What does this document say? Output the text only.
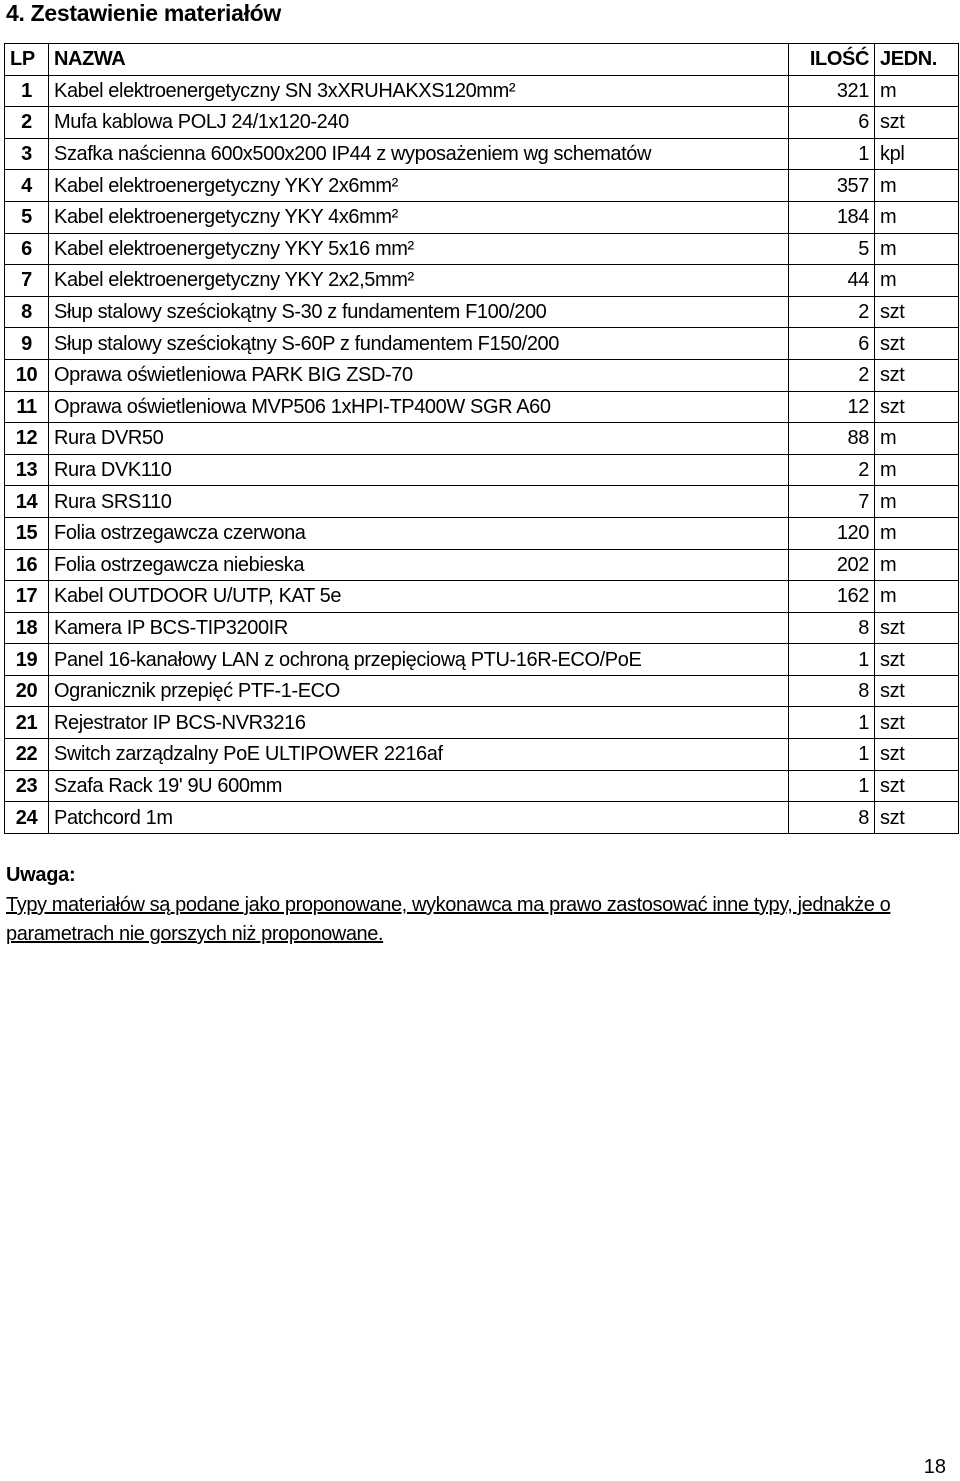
4. Zestawienie materiałów
LP	NAZWA	ILOŚĆ	JEDN.
1	Kabel elektroenergetyczny SN 3xXRUHAKXS120mm²	321	m
2	Mufa kablowa POLJ 24/1x120-240	6	szt
3	Szafka naścienna 600x500x200 IP44 z wyposażeniem wg schematów	1	kpl
4	Kabel elektroenergetyczny YKY 2x6mm²	357	m
5	Kabel elektroenergetyczny YKY 4x6mm²	184	m
6	Kabel elektroenergetyczny YKY 5x16 mm²	5	m
7	Kabel elektroenergetyczny YKY 2x2,5mm²	44	m
8	Słup stalowy sześciokątny S-30 z fundamentem F100/200	2	szt
9	Słup stalowy sześciokątny S-60P z fundamentem F150/200	6	szt
10	Oprawa oświetleniowa PARK BIG ZSD-70	2	szt
11	Oprawa oświetleniowa MVP506 1xHPI-TP400W SGR A60	12	szt
12	Rura DVR50	88	m
13	Rura DVK110	2	m
14	Rura SRS110	7	m
15	Folia ostrzegawcza czerwona	120	m
16	Folia ostrzegawcza niebieska	202	m
17	Kabel OUTDOOR U/UTP, KAT 5e	162	m
18	Kamera IP BCS-TIP3200IR	8	szt
19	Panel 16-kanałowy LAN z ochroną przepięciową PTU-16R-ECO/PoE	1	szt
20	Ogranicznik przepięć PTF-1-ECO	8	szt
21	Rejestrator IP BCS-NVR3216	1	szt
22	Switch zarządzalny PoE ULTIPOWER 2216af	1	szt
23	Szafa Rack 19' 9U 600mm	1	szt
24	Patchcord 1m	8	szt
Uwaga:
Typy materiałów są podane jako proponowane, wykonawca ma prawo zastosować inne typy, jednakże o parametrach nie gorszych niż proponowane.
18
